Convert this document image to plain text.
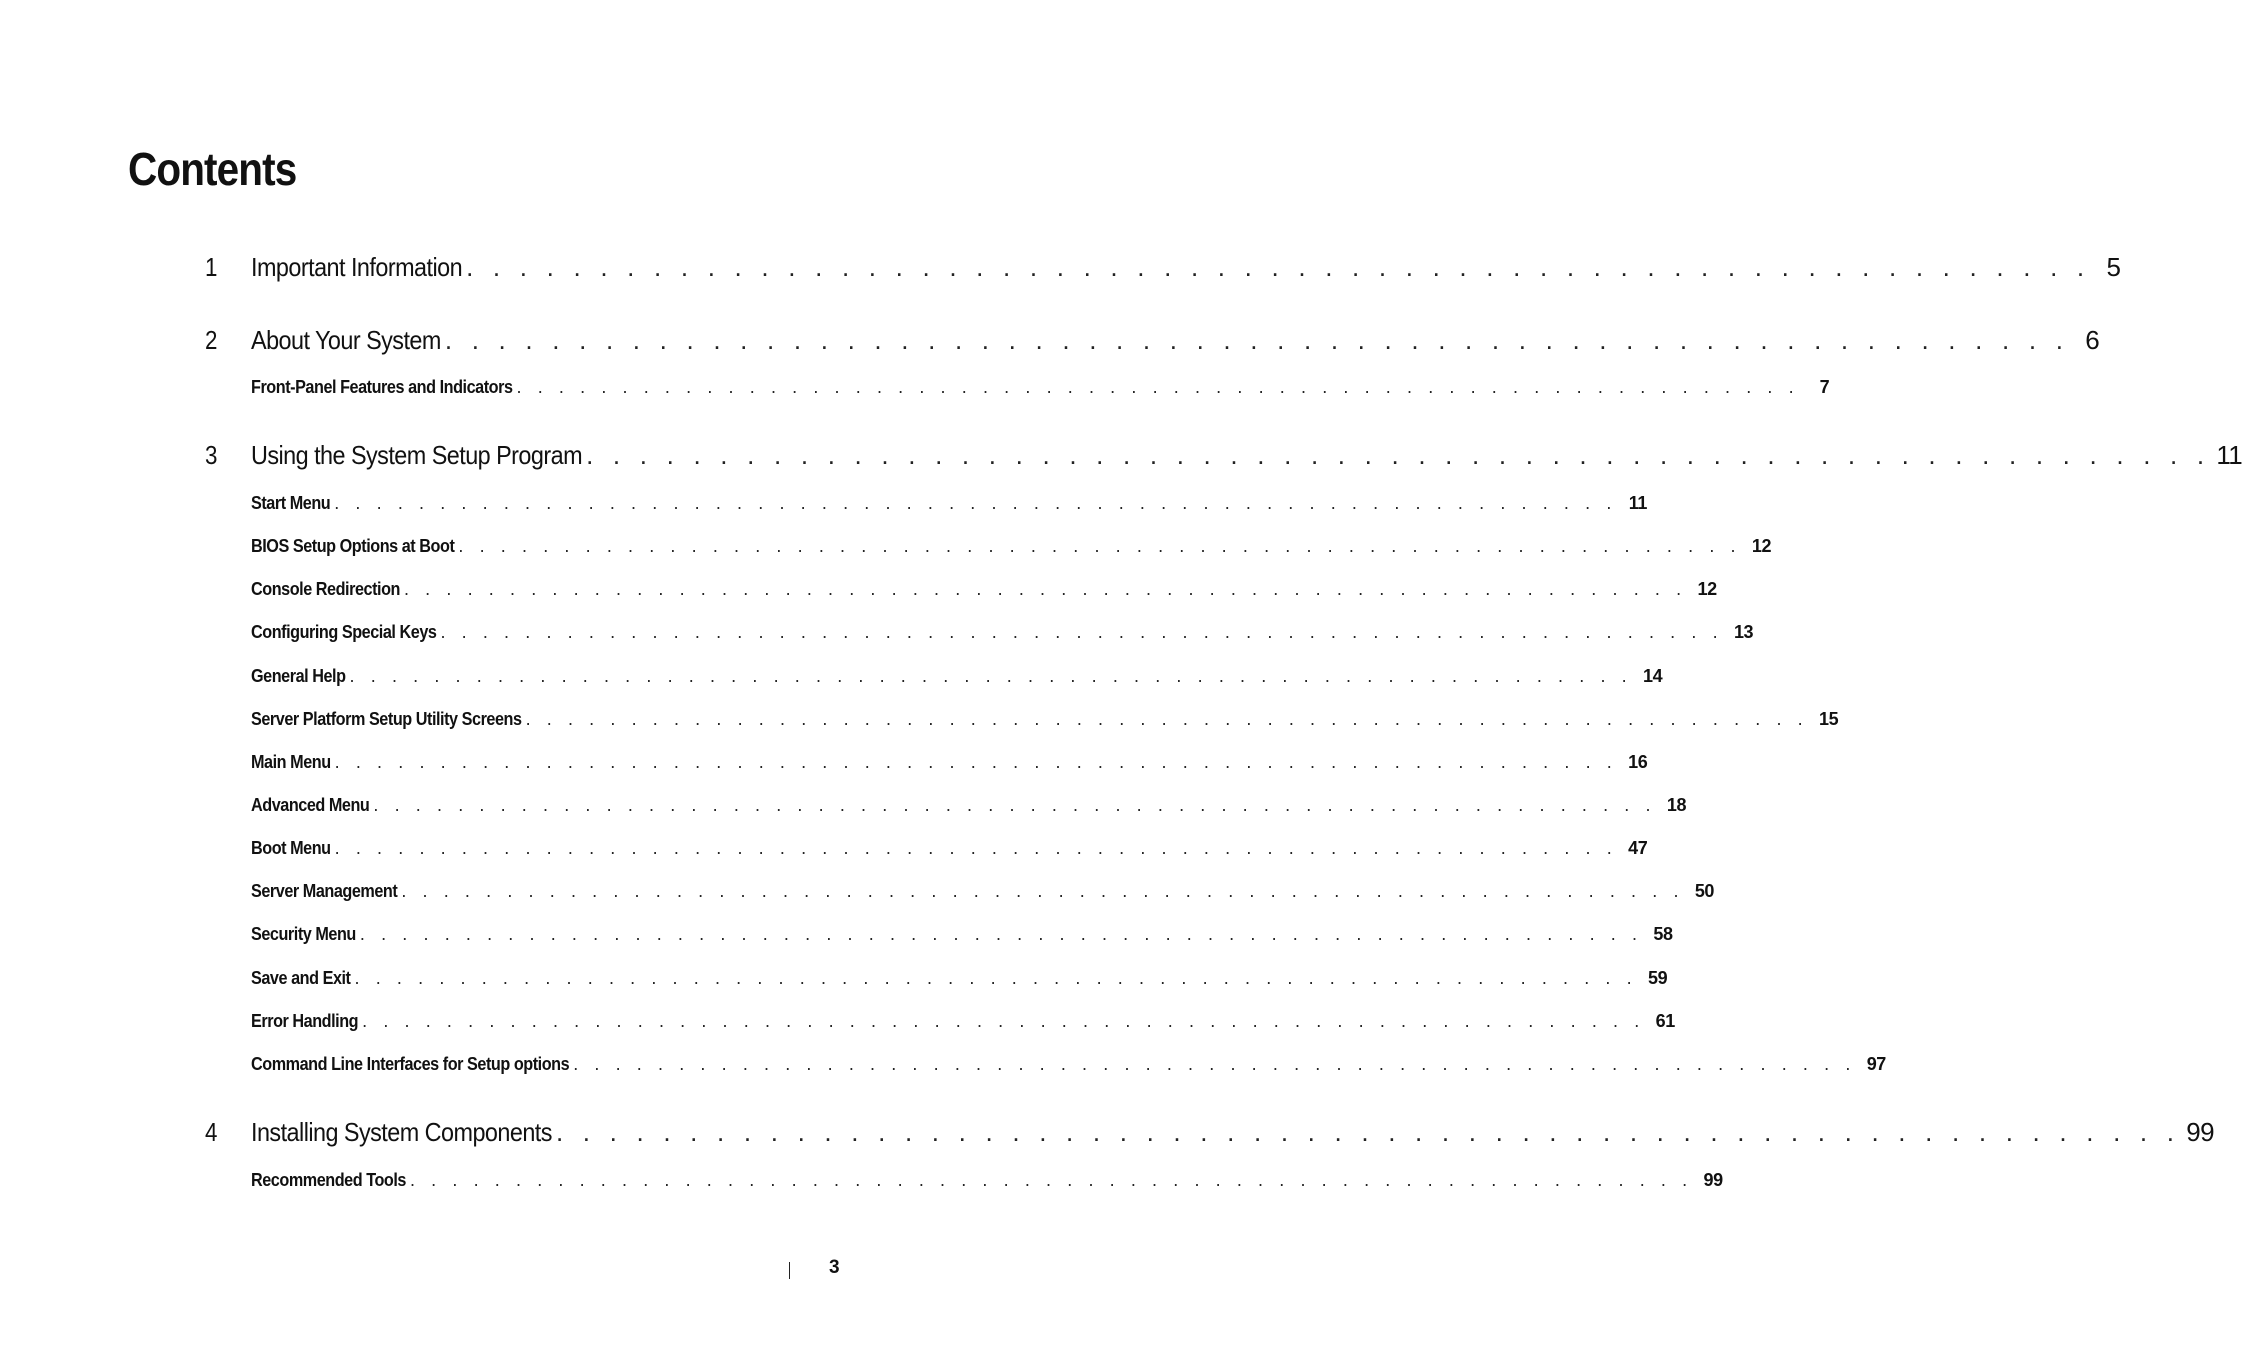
Contents
1	Important Information . . . . . . . . . . . . . . . . . . . . . . . . . . . . . . . . . . . . . . . . . . . . . . . . . . . . . . . . . . . . . 5
2	About Your System . . . . . . . . . . . . . . . . . . . . . . . . . . . . . . . . . . . . . . . . . . . . . . . . . . . . . . . . . . . . . 6
Front-Panel Features and Indicators . . . . . . . . . . . . . . . . . . . . . . . . . . . . . . . . . . . . . . . . . . . . . . . . . . . . . . . . . . . . .	7
3	Using the System Setup Program . . . . . . . . . . . . . . . . . . . . . . . . . . . . . . . . . . . . . . . . . . . . . . . . . . . . . . . . . . . . . 11
Start Menu . . . . . . . . . . . . . . . . . . . . . . . . . . . . . . . . . . . . . . . . . . . . . . . . . . . . . . . . . . . . . 11
BIOS Setup Options at Boot . . . . . . . . . . . . . . . . . . . . . . . . . . . . . . . . . . . . . . . . . . . . . . . . . . . . . . . . . . . . . 12
Console Redirection . . . . . . . . . . . . . . . . . . . . . . . . . . . . . . . . . . . . . . . . . . . . . . . . . . . . . . . . . . . . . 12
Configuring Special Keys . . . . . . . . . . . . . . . . . . . . . . . . . . . . . . . . . . . . . . . . . . . . . . . . . . . . . . . . . . . . . 13
General Help . . . . . . . . . . . . . . . . . . . . . . . . . . . . . . . . . . . . . . . . . . . . . . . . . . . . . . . . . . . . . 14
Server Platform Setup Utility Screens . . . . . . . . . . . . . . . . . . . . . . . . . . . . . . . . . . . . . . . . . . . . . . . . . . . . . . . . . . . . . 15
Main Menu . . . . . . . . . . . . . . . . . . . . . . . . . . . . . . . . . . . . . . . . . . . . . . . . . . . . . . . . . . . . . 16
Advanced Menu . . . . . . . . . . . . . . . . . . . . . . . . . . . . . . . . . . . . . . . . . . . . . . . . . . . . . . . . . . . . . 18
Boot Menu . . . . . . . . . . . . . . . . . . . . . . . . . . . . . . . . . . . . . . . . . . . . . . . . . . . . . . . . . . . . . 47
Server Management . . . . . . . . . . . . . . . . . . . . . . . . . . . . . . . . . . . . . . . . . . . . . . . . . . . . . . . . . . . . . 50
Security Menu . . . . . . . . . . . . . . . . . . . . . . . . . . . . . . . . . . . . . . . . . . . . . . . . . . . . . . . . . . . . . 58
Save and Exit . . . . . . . . . . . . . . . . . . . . . . . . . . . . . . . . . . . . . . . . . . . . . . . . . . . . . . . . . . . . . 59
Error Handling . . . . . . . . . . . . . . . . . . . . . . . . . . . . . . . . . . . . . . . . . . . . . . . . . . . . . . . . . . . . . 61
Command Line Interfaces for Setup options . . . . . . . . . . . . . . . . . . . . . . . . . . . . . . . . . . . . . . . . . . . . . . . . . . . . . . . . . . . . . 97
4	Installing System Components . . . . . . . . . . . . . . . . . . . . . . . . . . . . . . . . . . . . . . . . . . . . . . . . . . . . . . . . . . . . . 99
Recommended Tools . . . . . . . . . . . . . . . . . . . . . . . . . . . . . . . . . . . . . . . . . . . . . . . . . . . . . . . . . . . . . 99
3
